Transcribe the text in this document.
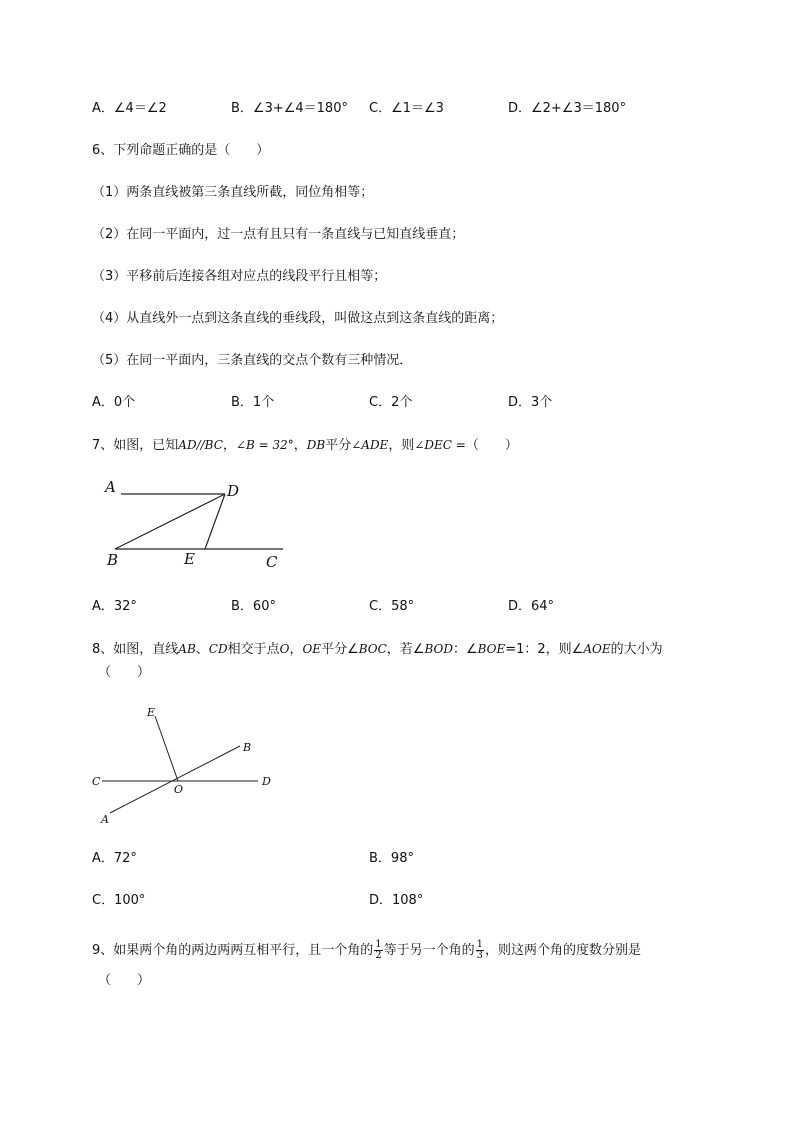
A．∠4＝∠2	B．∠3+∠4＝180° C．∠1＝∠3	D．∠2+∠3＝180°
6、下列命题正确的是（　　）
（1）两条直线被第三条直线所截，同位角相等；
（2）在同一平面内，过一点有且只有一条直线与已知直线垂直；
（3）平移前后连接各组对应点的线段平行且相等；
（4）从直线外一点到这条直线的垂线段，叫做这点到这条直线的距离；
（5）在同一平面内，三条直线的交点个数有三种情况．
A．0个	B．1个	C．2个	D．3个
7、如图，已知AD//BC，∠B = 32°，DB平分∠ADE，则∠DEC =（　　）
A	D
B	E	C
A．32°	B．60°	C．58°	D．64°
8、如图，直线AB、CD相交于点O，OE平分∠BOC，若∠BOD：∠BOE=1：2，则∠AOE的大小为
（　　）
E
B
C
O
D
A
A．72°	B．98°
C．100°	D．108°
9、如果两个角的两边两两互相平行，且一个角的 $\frac{1}{2}$ 等于另一个角的 $\frac{1}{3}$ ，则这两个角的度数分别是
（　　）
